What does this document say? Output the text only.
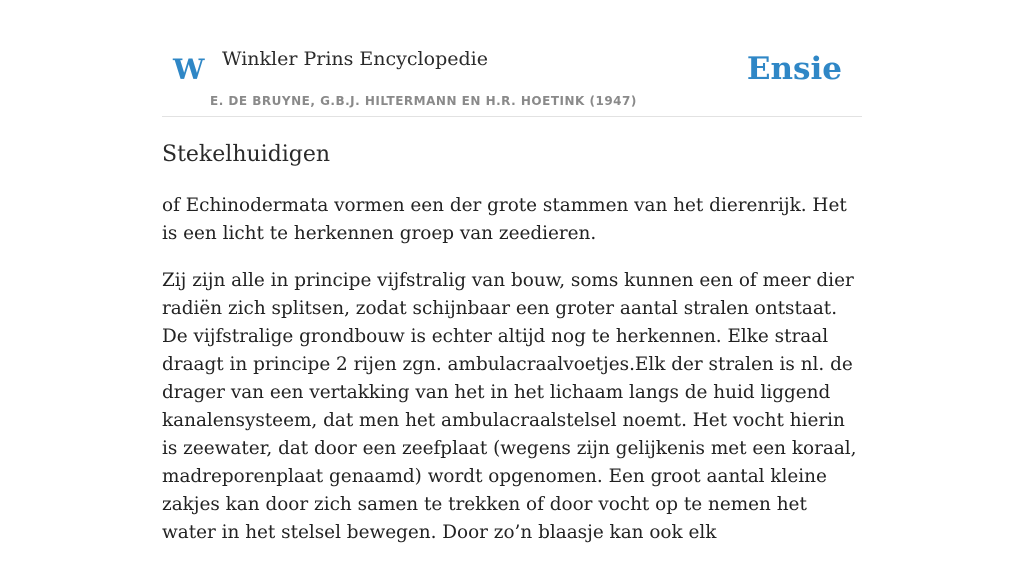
W Winkler Prins Encyclopedie
E. DE BRUYNE, G.B.J. HILTERMANN EN H.R. HOETINK (1947)
Ensie
Stekelhuidigen

of Echinodermata vormen een der grote stammen van het dierenrijk. Het is een licht te herkennen groep van zeedieren.

Zij zijn alle in principe vijfstralig van bouw, soms kunnen een of meer dier radiën zich splitsen, zodat schijnbaar een groter aantal stralen ontstaat. De vijfstralige grondbouw is echter altijd nog te herkennen. Elke straal draagt in principe 2 rijen zgn. ambulacraalvoetjes.Elk der stralen is nl. de drager van een vertakking van het in het lichaam langs de huid liggend kanalensysteem, dat men het ambulacraalstelsel noemt. Het vocht hierin is zeewater, dat door een zeefplaat (wegens zijn gelijkenis met een koraal, madreporenplaat genaamd) wordt opgenomen. Een groot aantal kleine zakjes kan door zich samen te trekken of door vocht op te nemen het water in het stelsel bewegen. Door zo’n blaasje kan ook elk
